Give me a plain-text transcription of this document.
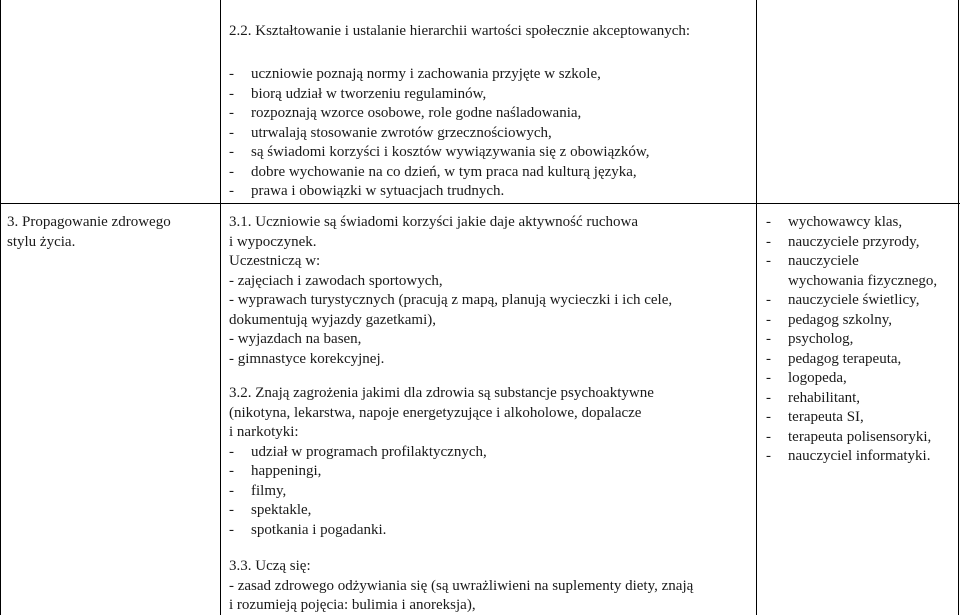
2.2. Kształtowanie i ustalanie hierarchii wartości społecznie akceptowanych:
- uczniowie poznają normy i zachowania przyjęte w szkole,
- biorą udział w tworzeniu regulaminów,
- rozpoznają wzorce osobowe, role godne naśladowania,
- utrwalają stosowanie zwrotów grzecznościowych,
- są świadomi korzyści i kosztów wywiązywania się z obowiązków,
- dobre wychowanie na co dzień, w tym praca nad kulturą języka,
- prawa i obowiązki w sytuacjach trudnych.
3. Propagowanie zdrowego
stylu życia.
3.1. Uczniowie są świadomi korzyści jakie daje aktywność ruchowa
i wypoczynek.
Uczestniczą w:
- zajęciach i zawodach sportowych,
- wyprawach turystycznych (pracują z mapą, planują wycieczki i ich cele,
dokumentują wyjazdy gazetkami),
- wyjazdach na basen,
- gimnastyce korekcyjnej.
3.2. Znają zagrożenia jakimi dla zdrowia są substancje psychoaktywne
(nikotyna, lekarstwa, napoje energetyzujące i alkoholowe, dopalacze
i narkotyki:
- udział w programach profilaktycznych,
- happeningi,
- filmy,
- spektakle,
- spotkania i pogadanki.
3.3. Uczą się:
- zasad zdrowego odżywiania się (są uwrażliwieni na suplementy diety, znają
i rozumieją pojęcia: bulimia i anoreksja),
- wychowawcy klas,
- nauczyciele przyrody,
- nauczyciele
wychowania fizycznego,
- nauczyciele świetlicy,
- pedagog szkolny,
- psycholog,
- pedagog terapeuta,
- logopeda,
- rehabilitant,
- terapeuta SI,
- terapeuta polisensoryki,
- nauczyciel informatyki.
